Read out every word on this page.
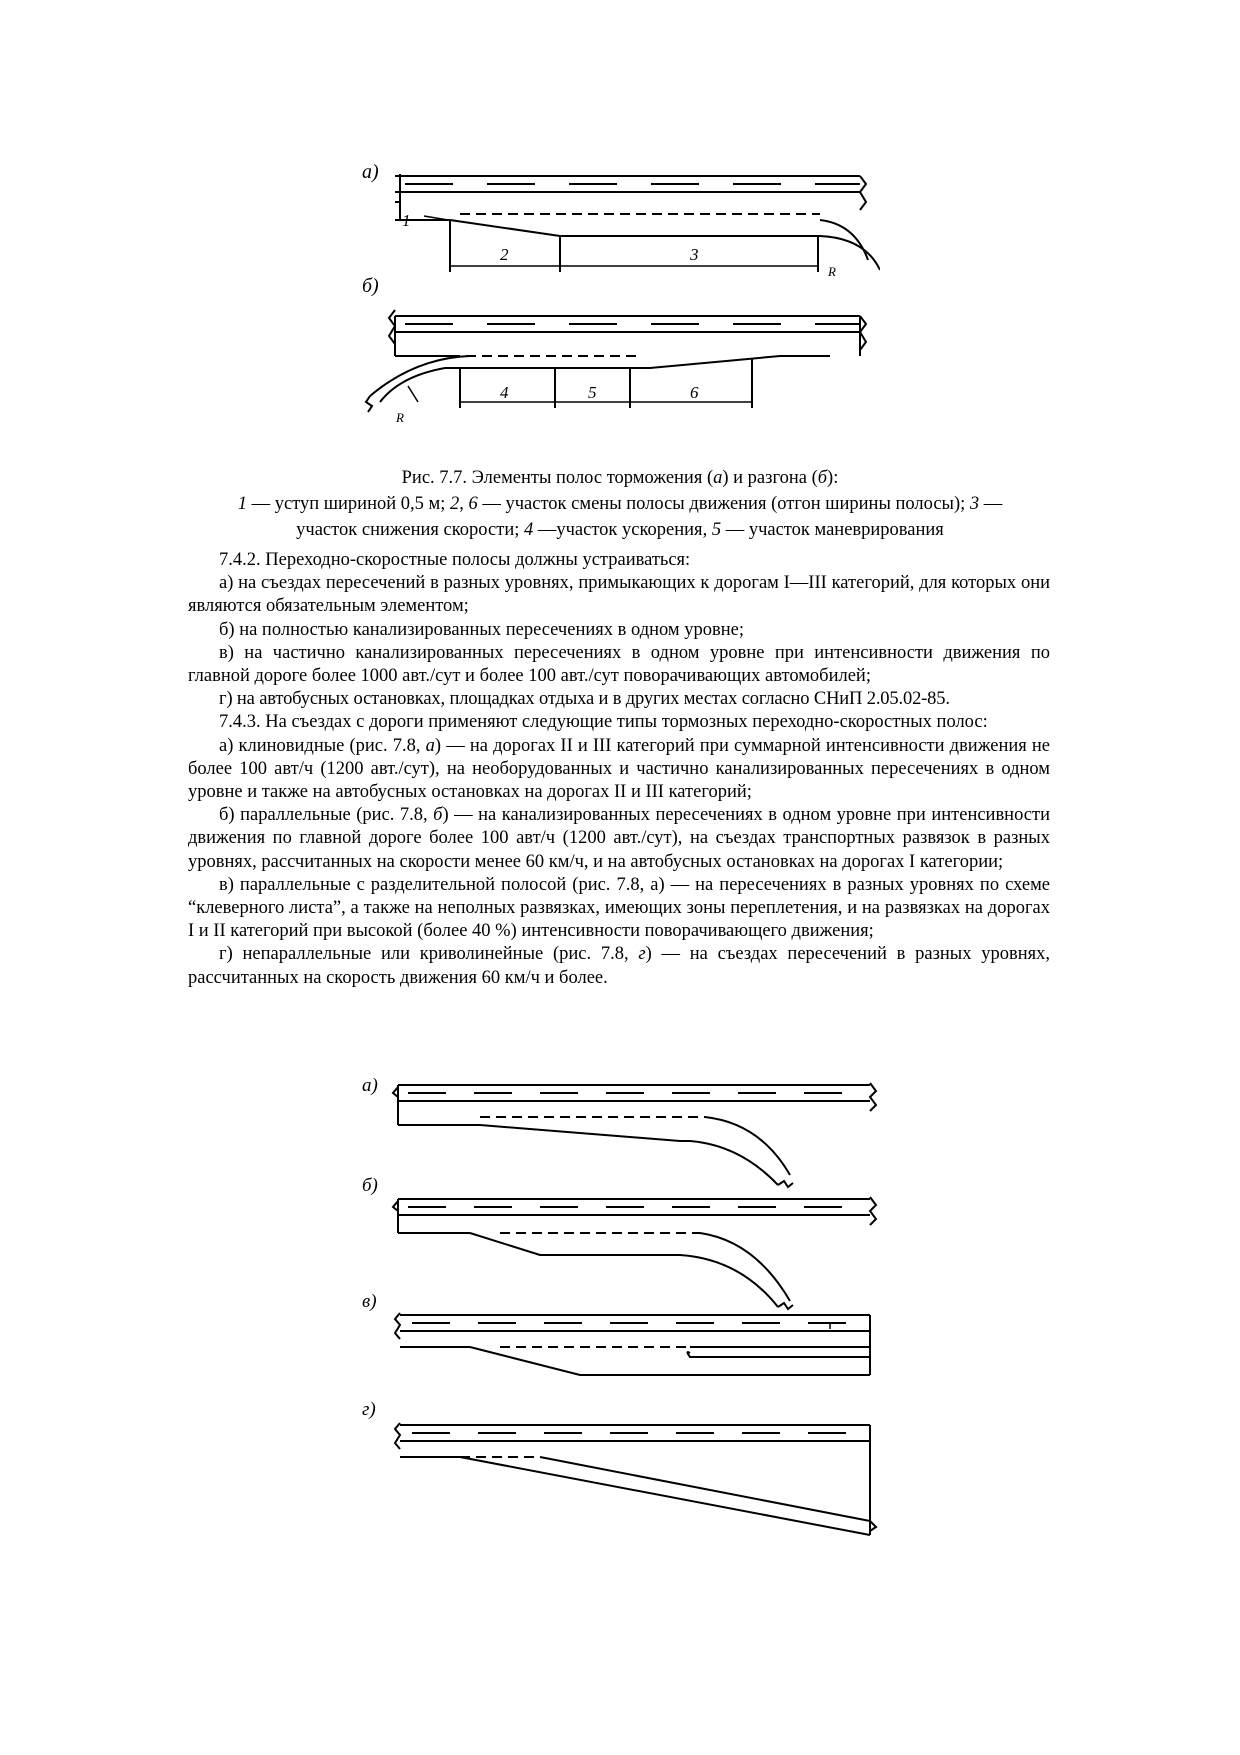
а)
б)
1
2	3
R
4	5	6
R

Рис. 7.7. Элементы полос торможения (а) и разгона (б):

1 — уступ шириной 0,5 м; 2, 6 — участок смены полосы движения (отгон ширины полосы); 3 —

участок снижения скорости; 4 —участок ускорения, 5 — участок маневрирования

7.4.2. Переходно-скоростные полосы должны устраиваться:

а) на съездах пересечений в разных уровнях, примыкающих к дорогам I—III категорий, для которых они являются обязательным элементом;

б) на полностью канализированных пересечениях в одном уровне;

в) на частично канализированных пересечениях в одном уровне при интенсивности движения по главной дороге более 1000 авт./сут и более 100 авт./сут поворачивающих автомобилей;

г) на автобусных остановках, площадках отдыха и в других местах согласно СНиП 2.05.02-85.

7.4.3. На съездах с дороги применяют следующие типы тормозных переходно-скоростных полос:

а) клиновидные (рис. 7.8, а) — на дорогах II и III категорий при суммарной интенсивности движения не более 100 авт/ч (1200 авт./сут), на необорудованных и частично канализированных пересечениях в одном уровне и также на автобусных остановках на дорогах II и III категорий;

б) параллельные (рис. 7.8, б) — на канализированных пересечениях в одном уровне при интенсивности движения по главной дороге более 100 авт/ч (1200 авт./сут), на съездах транспортных развязок в разных уровнях, рассчитанных на скорости менее 60 км/ч, и на автобусных остановках на дорогах I категории;

в) параллельные с разделительной полосой (рис. 7.8, а) — на пересечениях в разных уровнях по схеме “клеверного листа”, а также на неполных развязках, имеющих зоны переплетения, и на развязках на дорогах I и II категорий при высокой (более 40 %) интенсивности поворачивающего движения;

г) непараллельные или криволинейные (рис. 7.8, г) — на съездах пересечений в разных уровнях, рассчитанных на скорость движения 60 км/ч и более.

а)
б)
в)
г)
